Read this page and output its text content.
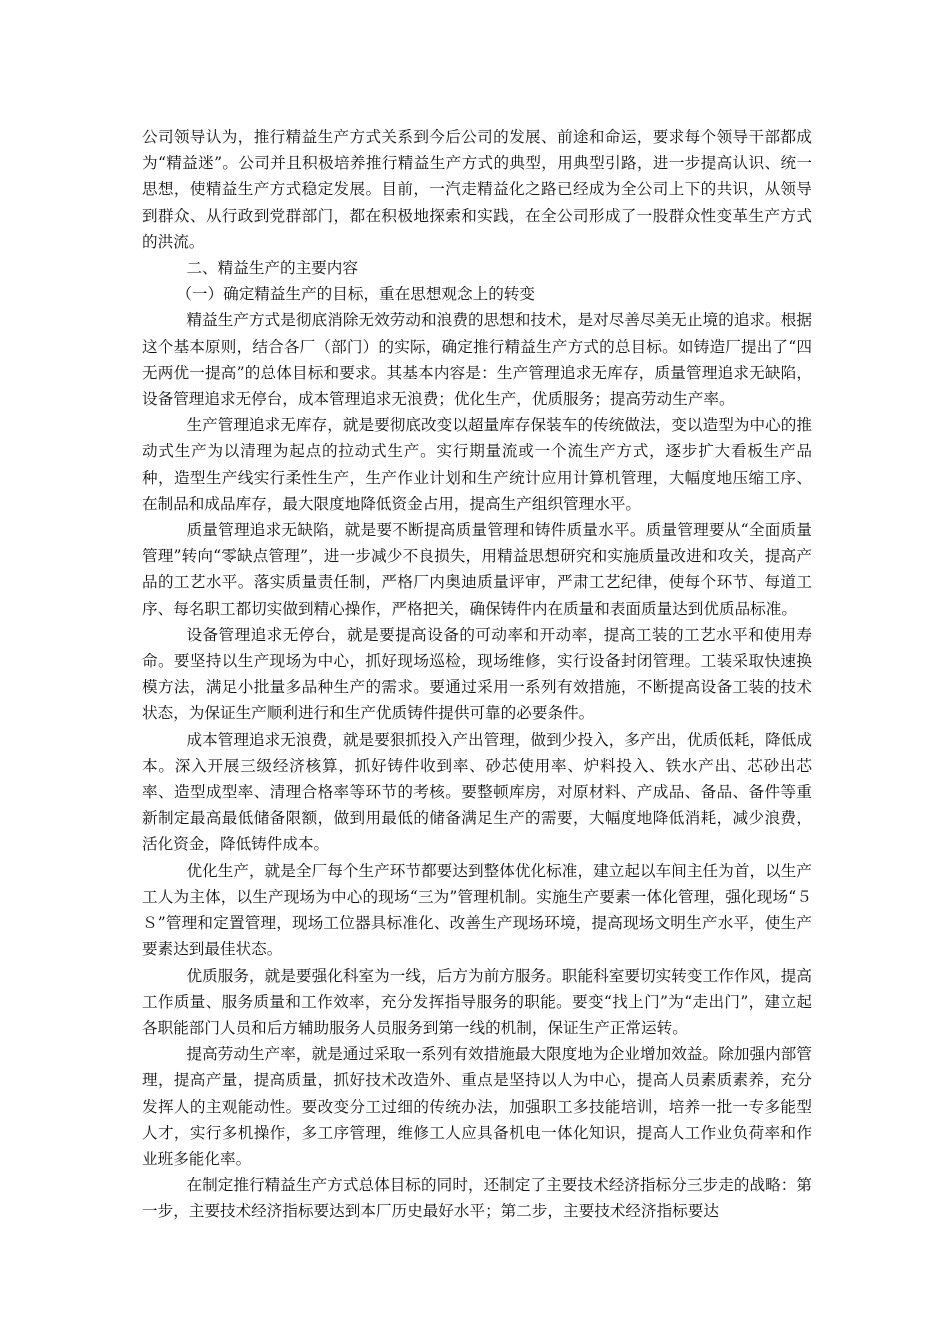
公司领导认为，推行精益生产方式关系到今后公司的发展、前途和命运，要求每个领导干部都成为“精益迷”。公司并且积极培养推行精益生产方式的典型，用典型引路，进一步提高认识、统一思想，使精益生产方式稳定发展。目前，一汽走精益化之路已经成为全公司上下的共识，从领导到群众、从行政到党群部门，都在积极地探索和实践，在全公司形成了一股群众性变革生产方式的洪流。

二、精益生产的主要内容

（一）确定精益生产的目标，重在思想观念上的转变

精益生产方式是彻底消除无效劳动和浪费的思想和技术，是对尽善尽美无止境的追求。根据这个基本原则，结合各厂（部门）的实际，确定推行精益生产方式的总目标。如铸造厂提出了“四无两优一提高”的总体目标和要求。其基本内容是：生产管理追求无库存，质量管理追求无缺陷，设备管理追求无停台，成本管理追求无浪费；优化生产，优质服务；提高劳动生产率。

生产管理追求无库存，就是要彻底改变以超量库存保装车的传统做法，变以造型为中心的推动式生产为以清理为起点的拉动式生产。实行期量流或一个流生产方式，逐步扩大看板生产品种，造型生产线实行柔性生产，生产作业计划和生产统计应用计算机管理，大幅度地压缩工序、在制品和成品库存，最大限度地降低资金占用，提高生产组织管理水平。

质量管理追求无缺陷，就是要不断提高质量管理和铸件质量水平。质量管理要从“全面质量管理”转向“零缺点管理”，进一步减少不良损失，用精益思想研究和实施质量改进和攻关，提高产品的工艺水平。落实质量责任制，严格厂内奥迪质量评审，严肃工艺纪律，使每个环节、每道工序、每名职工都切实做到精心操作，严格把关，确保铸件内在质量和表面质量达到优质品标准。

设备管理追求无停台，就是要提高设备的可动率和开动率，提高工装的工艺水平和使用寿命。要坚持以生产现场为中心，抓好现场巡检，现场维修，实行设备封闭管理。工装采取快速换模方法，满足小批量多品种生产的需求。要通过采用一系列有效措施，不断提高设备工装的技术状态，为保证生产顺利进行和生产优质铸件提供可靠的必要条件。

成本管理追求无浪费，就是要狠抓投入产出管理，做到少投入，多产出，优质低耗，降低成本。深入开展三级经济核算，抓好铸件收到率、砂芯使用率、炉料投入、铁水产出、芯砂出芯率、造型成型率、清理合格率等环节的考核。要整顿库房，对原材料、产成品、备品、备件等重新制定最高最低储备限额，做到用最低的储备满足生产的需要，大幅度地降低消耗，减少浪费，活化资金，降低铸件成本。

优化生产，就是全厂每个生产环节都要达到整体优化标准，建立起以车间主任为首，以生产工人为主体，以生产现场为中心的现场“三为”管理机制。实施生产要素一体化管理，强化现场“５Ｓ”管理和定置管理，现场工位器具标准化、改善生产现场环境，提高现场文明生产水平，使生产要素达到最佳状态。

优质服务，就是要强化科室为一线，后方为前方服务。职能科室要切实转变工作作风，提高工作质量、服务质量和工作效率，充分发挥指导服务的职能。要变“找上门”为“走出门”，建立起各职能部门人员和后方辅助服务人员服务到第一线的机制，保证生产正常运转。

提高劳动生产率，就是通过采取一系列有效措施最大限度地为企业增加效益。除加强内部管理，提高产量，提高质量，抓好技术改造外、重点是坚持以人为中心，提高人员素质素养，充分发挥人的主观能动性。要改变分工过细的传统办法，加强职工多技能培训，培养一批一专多能型人才，实行多机操作，多工序管理，维修工人应具备机电一体化知识，提高人工作业负荷率和作业班多能化率。

在制定推行精益生产方式总体目标的同时，还制定了主要技术经济指标分三步走的战略：第一步，主要技术经济指标要达到本厂历史最好水平；第二步，主要技术经济指标要达
